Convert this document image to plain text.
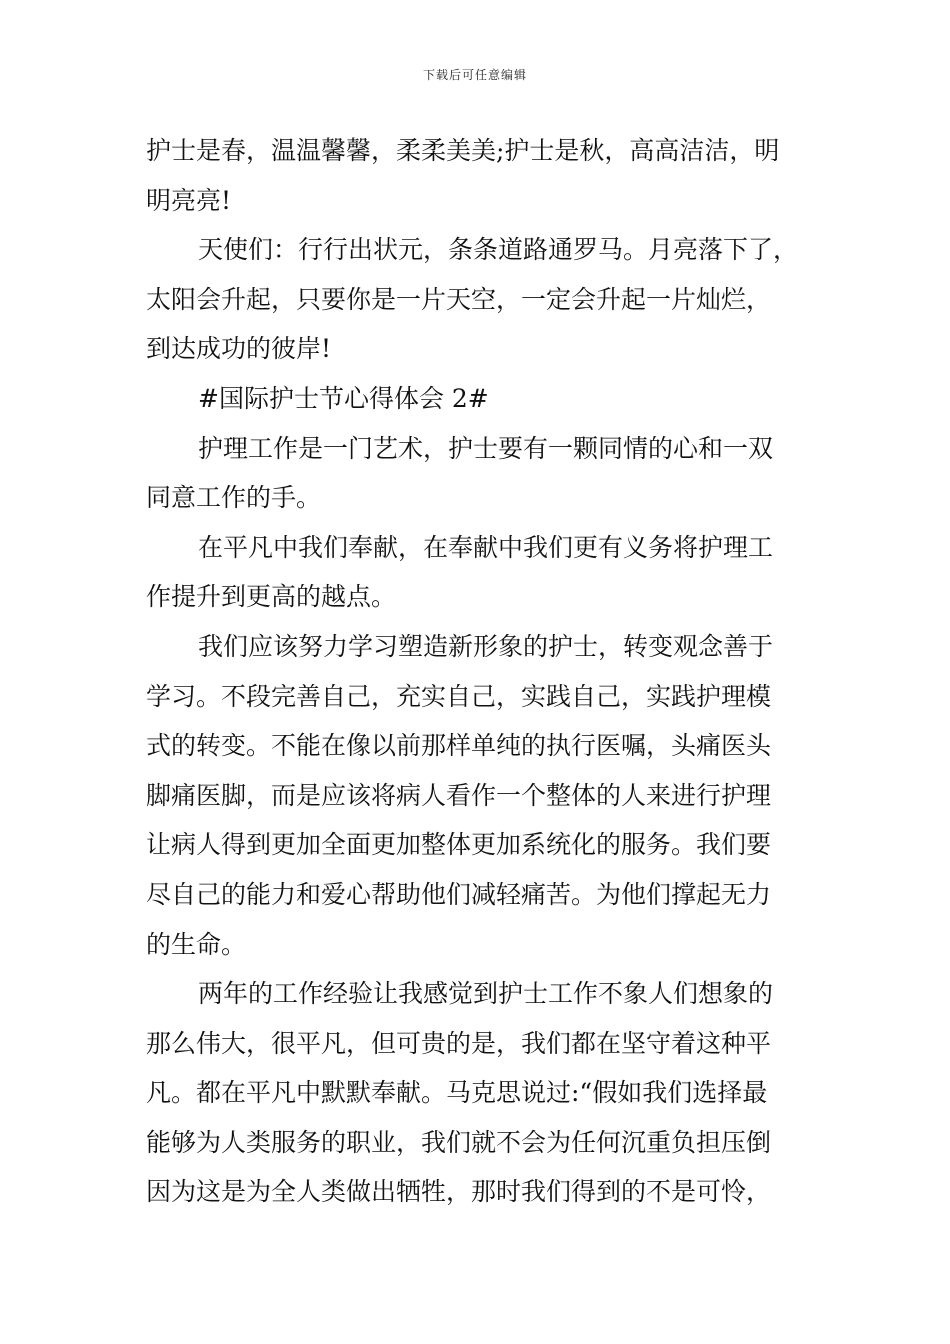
下载后可任意编辑
护士是春，温温馨馨，柔柔美美;护士是秋，高高洁洁，明
明亮亮!
天使们：行行出状元，条条道路通罗马。月亮落下了，
太阳会升起，只要你是一片天空，一定会升起一片灿烂，
到达成功的彼岸!
#国际护士节心得体会 2#
护理工作是一门艺术，护士要有一颗同情的心和一双
同意工作的手。
在平凡中我们奉献，在奉献中我们更有义务将护理工
作提升到更高的越点。
我们应该努力学习塑造新形象的护士，转变观念善于
学习。不段完善自己，充实自己，实践自己，实践护理模
式的转变。不能在像以前那样单纯的执行医嘱，头痛医头
脚痛医脚，而是应该将病人看作一个整体的人来进行护理
让病人得到更加全面更加整体更加系统化的服务。我们要
尽自己的能力和爱心帮助他们减轻痛苦。为他们撑起无力
的生命。
两年的工作经验让我感觉到护士工作不象人们想象的
那么伟大，很平凡，但可贵的是，我们都在坚守着这种平
凡。都在平凡中默默奉献。马克思说过:“假如我们选择最
能够为人类服务的职业，我们就不会为任何沉重负担压倒
因为这是为全人类做出牺牲，那时我们得到的不是可怜，
